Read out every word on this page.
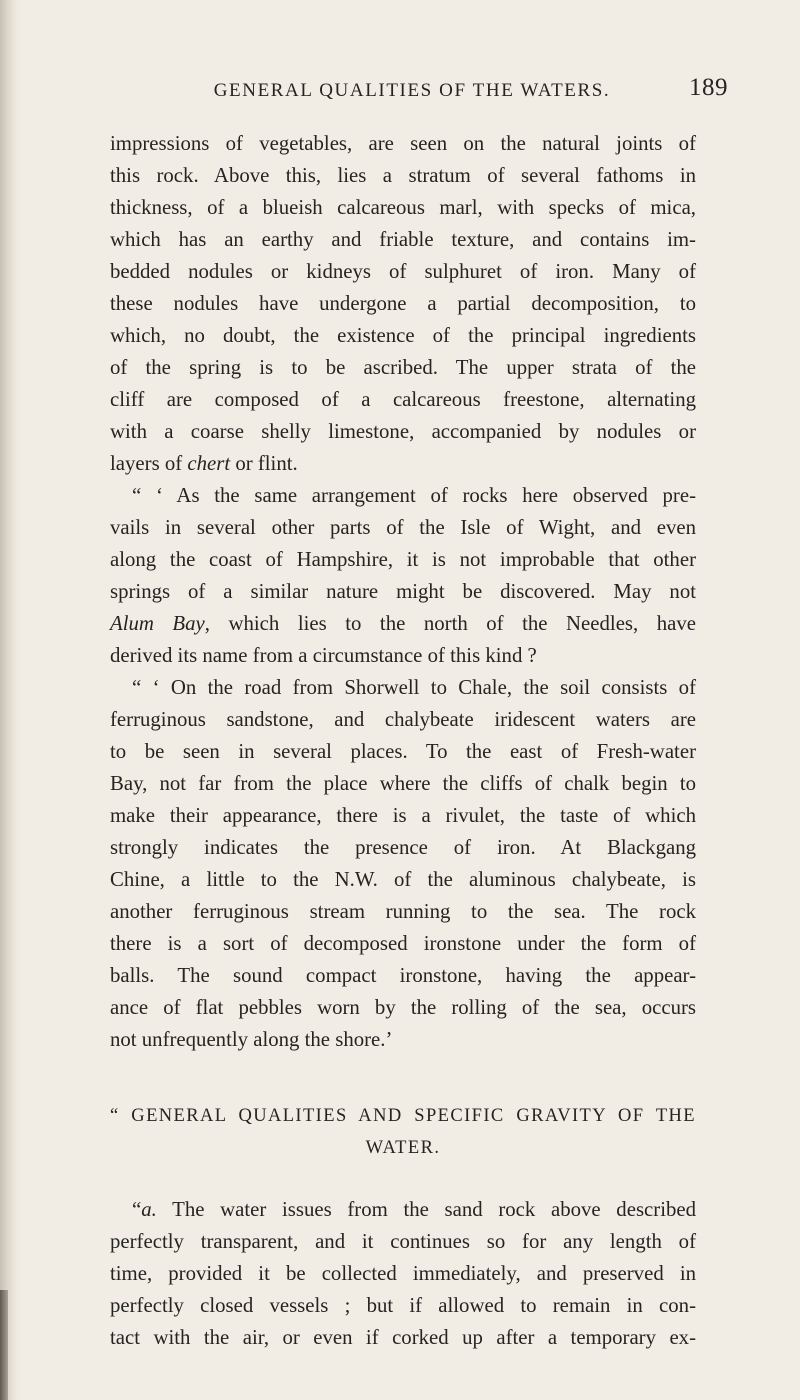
GENERAL QUALITIES OF THE WATERS.	189
impressions of vegetables, are seen on the natural joints of
this rock. Above this, lies a stratum of several fathoms in
thickness, of a blueish calcareous marl, with specks of mica,
which has an earthy and friable texture, and contains im-
bedded nodules or kidneys of sulphuret of iron. Many of
these nodules have undergone a partial decomposition, to
which, no doubt, the existence of the principal ingredients
of the spring is to be ascribed. The upper strata of the
cliff are composed of a calcareous freestone, alternating
with a coarse shelly limestone, accompanied by nodules or
layers of chert or flint.
“ ‘ As the same arrangement of rocks here observed pre-
vails in several other parts of the Isle of Wight, and even
along the coast of Hampshire, it is not improbable that other
springs of a similar nature might be discovered. May not
Alum Bay, which lies to the north of the Needles, have
derived its name from a circumstance of this kind ?
“ ‘ On the road from Shorwell to Chale, the soil consists of
ferruginous sandstone, and chalybeate iridescent waters are
to be seen in several places. To the east of Fresh-water
Bay, not far from the place where the cliffs of chalk begin to
make their appearance, there is a rivulet, the taste of which
strongly indicates the presence of iron. At Blackgang
Chine, a little to the N.W. of the aluminous chalybeate, is
another ferruginous stream running to the sea. The rock
there is a sort of decomposed ironstone under the form of
balls. The sound compact ironstone, having the appear-
ance of flat pebbles worn by the rolling of the sea, occurs
not unfrequently along the shore.’
“ GENERAL QUALITIES AND SPECIFIC GRAVITY OF THE
WATER.
“a. The water issues from the sand rock above described
perfectly transparent, and it continues so for any length of
time, provided it be collected immediately, and preserved in
perfectly closed vessels ; but if allowed to remain in con-
tact with the air, or even if corked up after a temporary ex-
